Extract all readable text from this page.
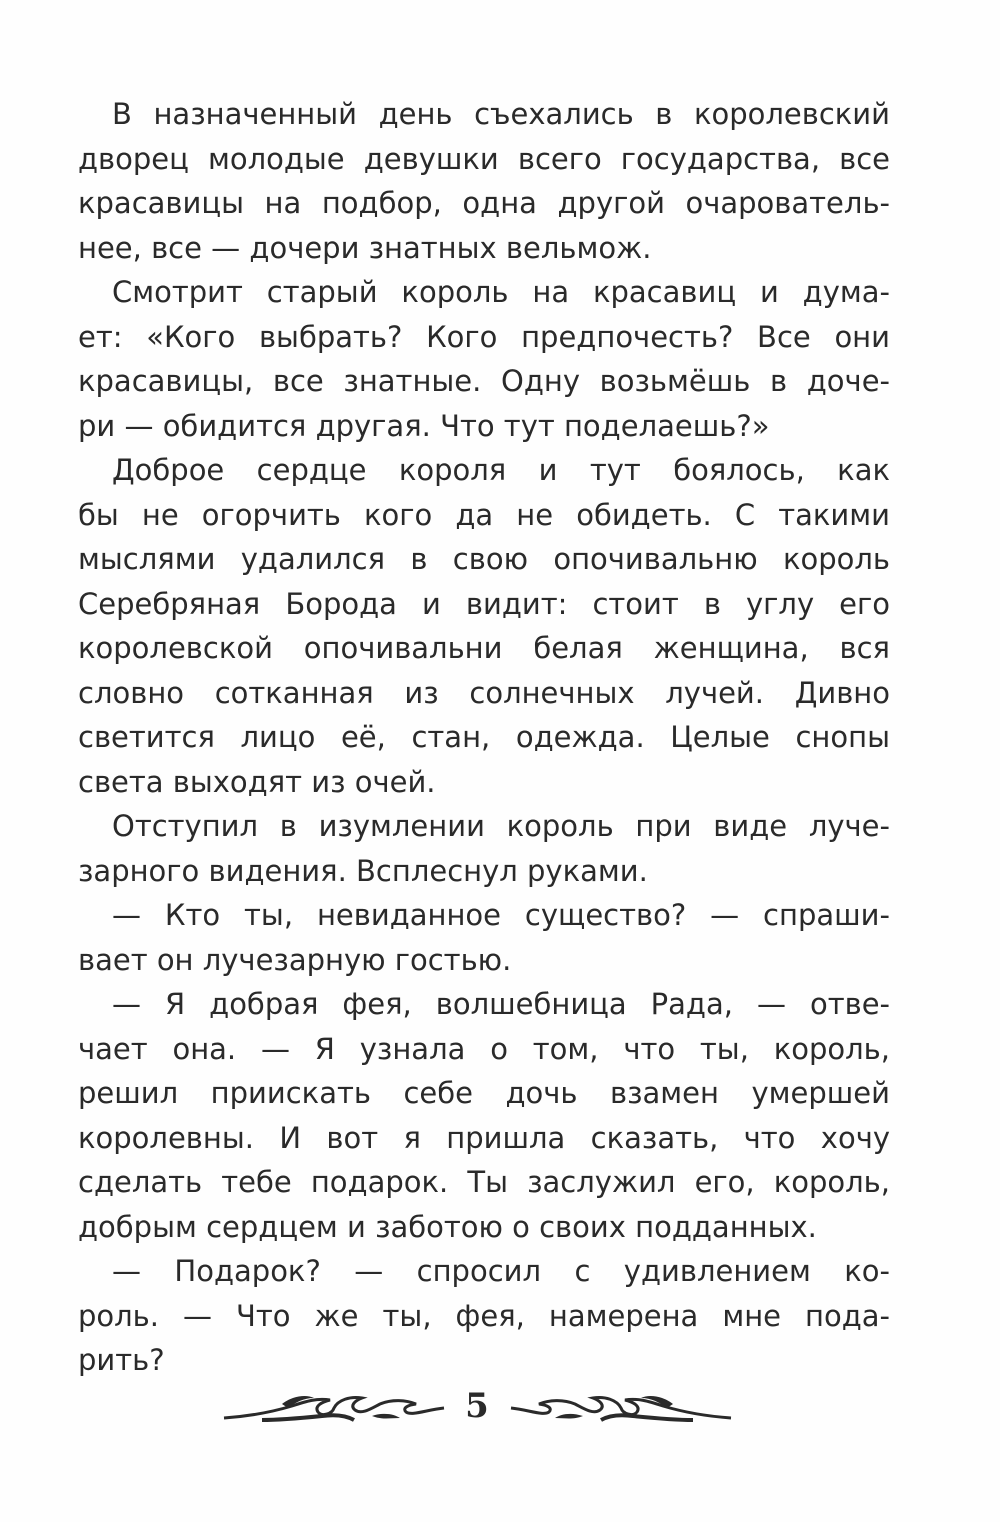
В назначенный день съехались в королевский
дворец молодые девушки всего государства, все
красавицы на подбор, одна другой очарователь-
нее, все — дочери знатных вельмож.
Смотрит старый король на красавиц и дума-
ет: «Кого выбрать? Кого предпочесть? Все они
красавицы, все знатные. Одну возьмёшь в доче-
ри — обидится другая. Что тут поделаешь?»
Доброе сердце короля и тут боялось, как
бы не огорчить кого да не обидеть. С такими
мыслями удалился в свою опочивальню король
Серебряная Борода и видит: стоит в углу его
королевской опочивальни белая женщина, вся
словно сотканная из солнечных лучей. Дивно
светится лицо её, стан, одежда. Целые снопы
света выходят из очей.
Отступил в изумлении король при виде луче-
зарного видения. Всплеснул руками.
— Кто ты, невиданное существо? — спраши-
вает он лучезарную гостью.
— Я добрая фея, волшебница Рада, — отве-
чает она. — Я узнала о том, что ты, король,
решил приискать себе дочь взамен умершей
королевны. И вот я пришла сказать, что хочу
сделать тебе подарок. Ты заслужил его, король,
добрым сердцем и заботою о своих подданных.
— Подарок? — спросил с удивлением ко-
роль. — Что же ты, фея, намерена мне пода-
рить?
5
